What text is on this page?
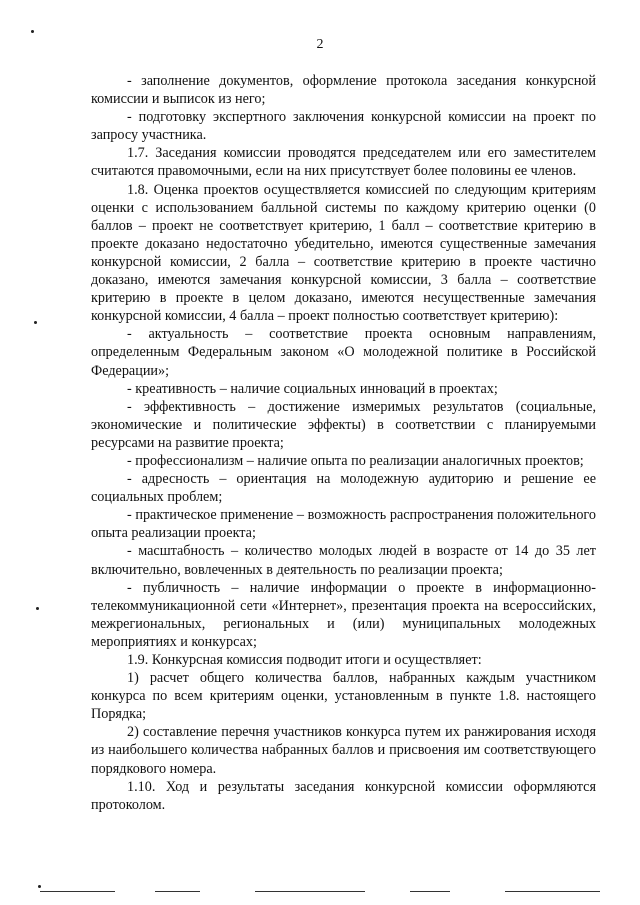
2

- заполнение документов, оформление протокола заседания конкурсной комиссии и выписок из него;

- подготовку экспертного заключения конкурсной комиссии на проект по запросу участника.

1.7. Заседания комиссии проводятся председателем или его заместителем считаются правомочными, если на них присутствует более половины ее членов.

1.8. Оценка проектов осуществляется комиссией по следующим критериям оценки с использованием балльной системы по каждому критерию оценки (0 баллов – проект не соответствует критерию, 1 балл – соответствие критерию в проекте доказано недостаточно убедительно, имеются существенные замечания конкурсной комиссии, 2 балла – соответствие критерию в проекте частично доказано, имеются замечания конкурсной комиссии, 3 балла – соответствие критерию в проекте в целом доказано, имеются несущественные замечания конкурсной комиссии, 4 балла – проект полностью соответствует критерию):

- актуальность – соответствие проекта основным направлениям, определенным Федеральным законом «О молодежной политике в Российской Федерации»;

- креативность – наличие социальных инноваций в проектах;

- эффективность – достижение измеримых результатов (социальные, экономические и политические эффекты) в соответствии с планируемыми ресурсами на развитие проекта;

- профессионализм – наличие опыта по реализации аналогичных проектов;

- адресность – ориентация на молодежную аудиторию и решение ее социальных проблем;

- практическое применение – возможность распространения положительного опыта реализации проекта;

- масштабность – количество молодых людей в возрасте от 14 до 35 лет включительно, вовлеченных в деятельность по реализации проекта;

- публичность – наличие информации о проекте в информационно-телекоммуникационной сети «Интернет», презентация проекта на всероссийских, межрегиональных, региональных и (или) муниципальных молодежных мероприятиях и конкурсах;

1.9. Конкурсная комиссия подводит итоги и осуществляет:

1) расчет общего количества баллов, набранных каждым участником конкурса по всем критериям оценки, установленным в пункте 1.8. настоящего Порядка;

2) составление перечня участников конкурса путем их ранжирования исходя из наибольшего количества набранных баллов и присвоения им соответствующего порядкового номера.

1.10. Ход и результаты заседания конкурсной комиссии оформляются протоколом.
